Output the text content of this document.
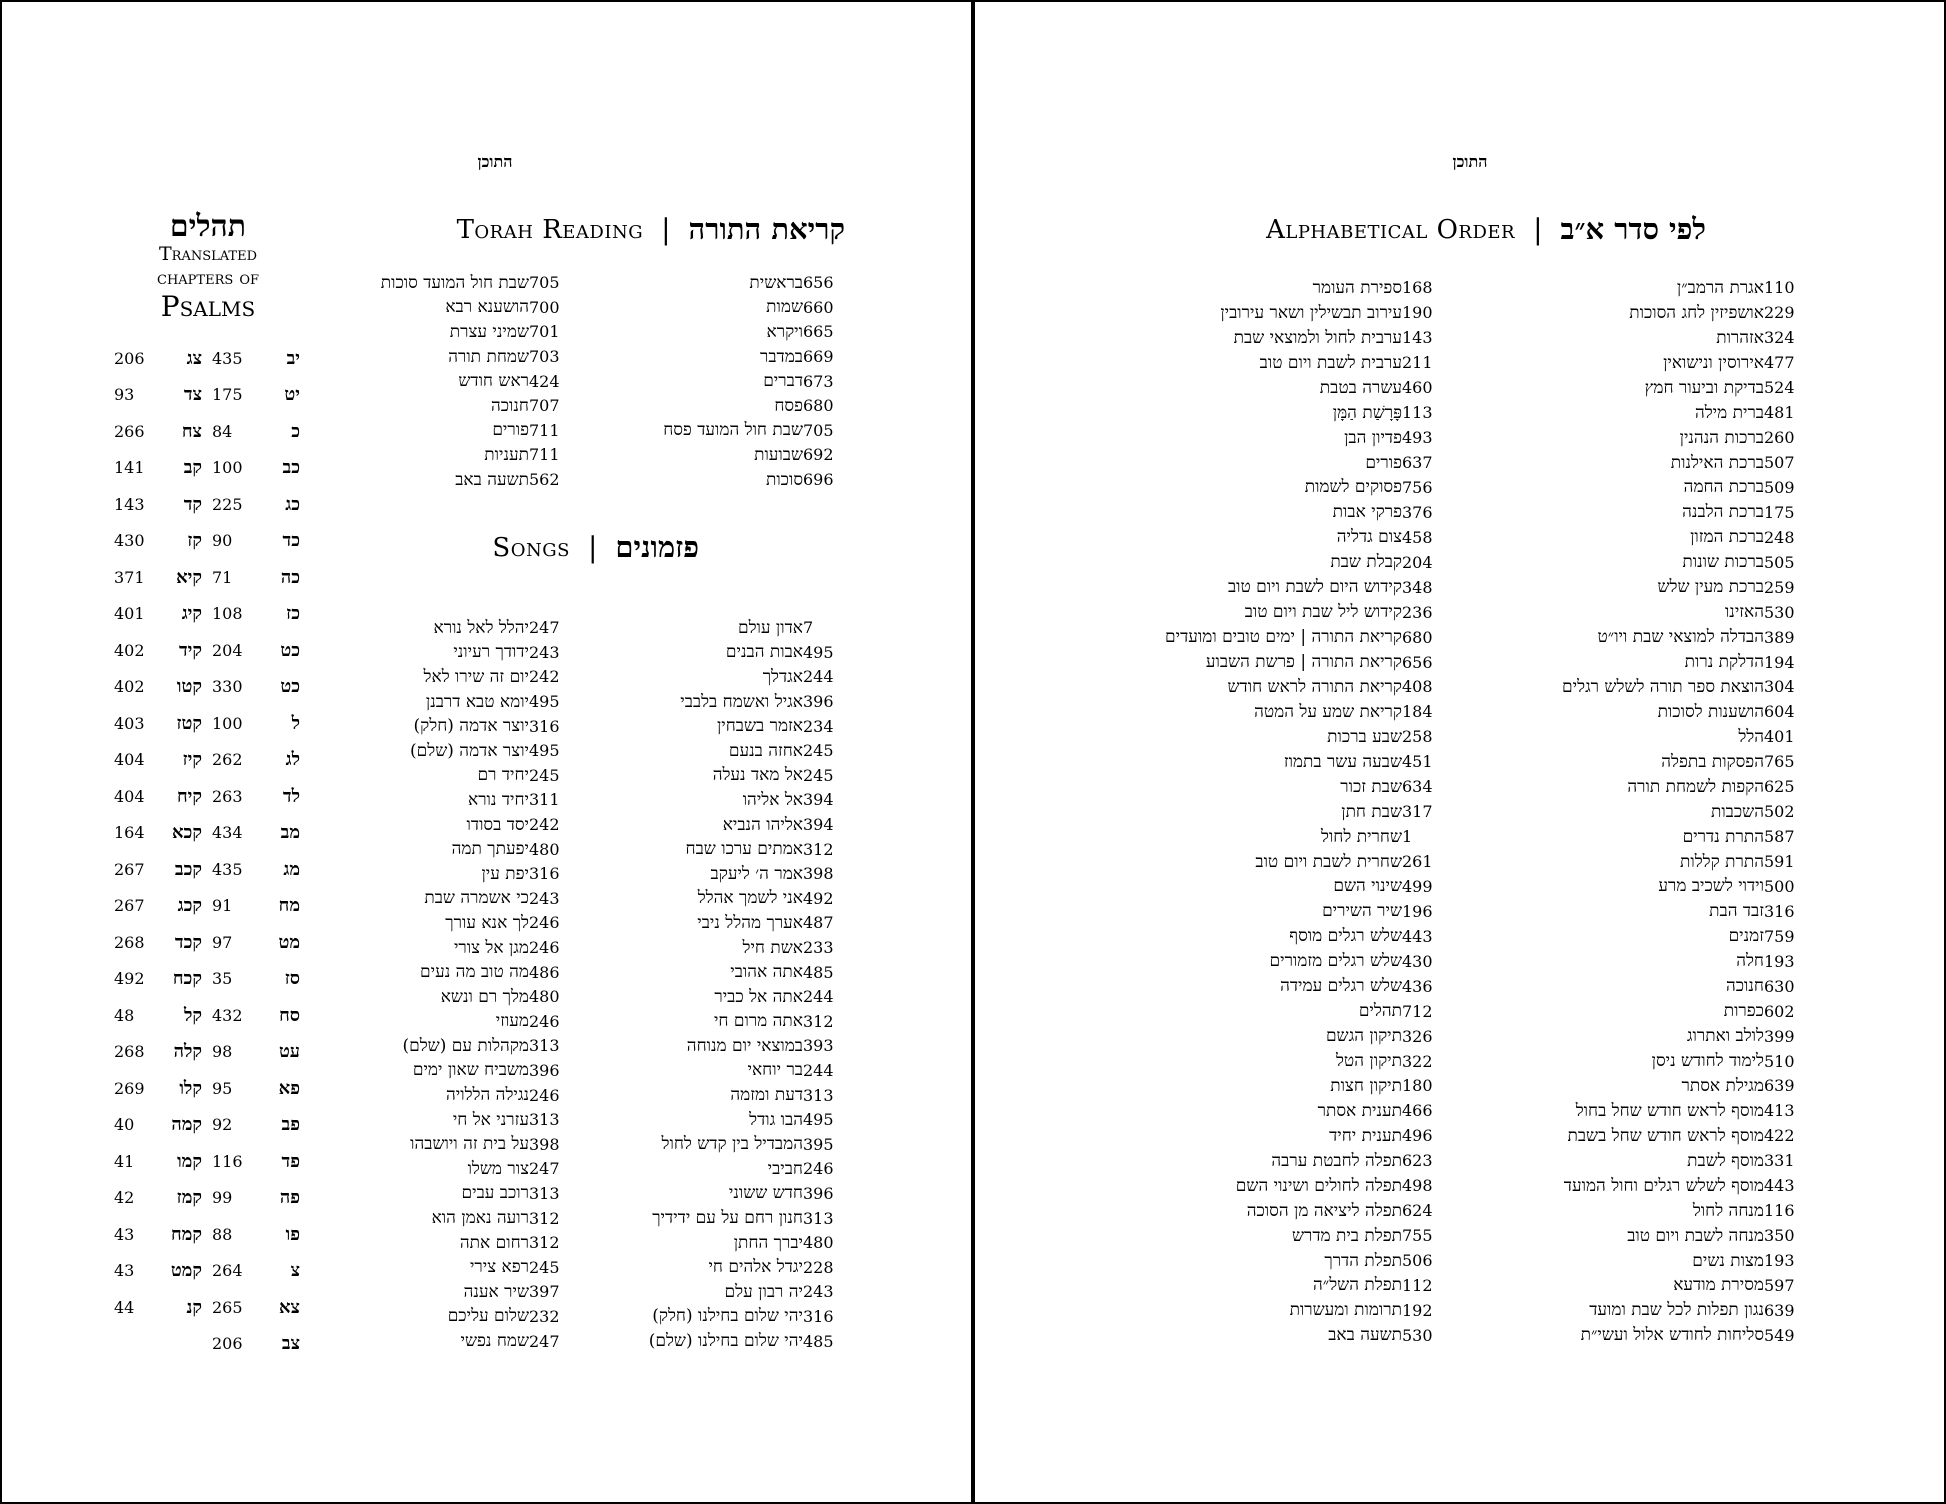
התוכן
תהלים
Translated
chapters of
Psalms
יב
435
יט
175
כ
84
כב
100
כג
225
כד
90
כה
71
כז
108
כט
204
כט
330
ל
100
לג
262
לד
263
מב
434
מג
435
מח
91
מט
97
סז
35
סח
432
עט
98
פא
95
פב
92
פד
116
פה
99
פו
88
צ
264
צא
265
צב
206
צג
206
צד
93
צח
266
קב
141
קד
143
קז
430
קיא
371
קיג
401
קיד
402
קטו
402
קטז
403
קיז
404
קיח
404
קכא
164
קכב
267
קכג
267
קכד
268
קכח
492
קל
48
קלה
268
קלו
269
קמה
40
קמו
41
קמז
42
קמח
43
קמט
43
קנ
44
Torah Reading | קריאת התורה
656
בראשית
660
שמות
665
ויקרא
669
במדבר
673
דברים
680
פסח
705
שבת חול המועד פסח
692
שבועות
696
סוכות
705
שבת חול המועד סוכות
700
הושענא רבא
701
שמיני עצרת
703
שמחת תורה
424
ראש חודש
707
חנוכה
711
פורים
711
תעניות
562
תשעה באב
Songs | פזמונים
7
אדון עולם
495
אבות הבנים
244
אגדלך
396
אגיל ואשמח בלבבי
234
אזמר בשבחין
245
אחזה בנעם
245
אל מאד נעלה
394
אל אליהו
394
אליהו הנביא
312
אמתים ערכו שבח
398
אמר ה׳ ליעקב
492
אני לשמך אהלל
487
אערך מהלל ניבי
233
אשת חיל
485
אתה אהובי
244
אתה אל כביר
312
אתה מרום חי
393
במוצאי יום מנוחה
244
בר יוחאי
313
דעת ומזמה
495
הבו גודל
395
המבדיל בין קדש לחול
246
חביבי
396
חדש ששוני
313
חנון רחם על עם ידידיך
480
יברך החתן
228
יגדל אלהים חי
243
יה רבון עלם
316
יהי שלום בחילנו (חלק)
485
יהי שלום בחילנו (שלם)
247
יהלל לאל נורא
243
ידודך רעיוני
242
יום זה שירו לאל
495
יומא טבא דרבנן
316
יוצר אדמה (חלק)
495
יוצר אדמה (שלם)
245
יחיד רם
311
יחיד נורא
242
יסד בסודו
480
יפעתך תמה
316
יפת עין
243
כי אשמרה שבת
246
לך אנא עורך
246
מגן אל צורי
486
מה טוב מה נעים
480
מלך רם ונשא
246
מעוזי
313
מקהלות עם (שלם)
396
משביח שאון ימים
246
נגילה הללויה
313
עזרני אל חי
398
על בית זה ויושבהו
247
צור משלו
313
רוכב עבים
312
רועה נאמן הוא
312
רחום אתה
245
רפא צירי
397
שיר אענה
232
שלום עליכם
247
שמח נפשי
התוכן
Alphabetical Order | לפי סדר א״ב
110
אגרת הרמב״ן
229
אושפיזין לחג הסוכות
324
אזהרות
477
אירוסין ונישואין
524
בדיקת וביעור חמץ
481
ברית מילה
260
ברכות הנהנין
507
ברכת האילנות
509
ברכת החמה
175
ברכת הלבנה
248
ברכת המזון
505
ברכות שונות
259
ברכת מעין שלש
530
האזינו
389
הבדלה למוצאי שבת ויו״ט
194
הדלקת נרות
304
הוצאת ספר תורה לשלש רגלים
604
הושענות לסוכות
401
הלל
765
הפסקות בתפלה
625
הקפות לשמחת תורה
502
השכבות
587
התרת נדרים
591
התרת קללות
500
וידוי לשכיב מרע
316
זבד הבת
759
זמנים
193
חלה
630
חנוכה
602
כפרות
399
לולב ואתרוג
510
לימוד לחודש ניסן
639
מגילת אסתר
413
מוסף לראש חודש שחל בחול
422
מוסף לראש חודש שחל בשבת
331
מוסף לשבת
443
מוסף לשלש רגלים וחול המועד
116
מנחה לחול
350
מנחה לשבת ויום טוב
193
מצות נשים
597
מסירת מודעא
639
נגון תפלות לכל שבת ומועד
549
סליחות לחודש אלול ועשי״ת
168
ספירת העומר
190
עירוב תבשילין ושאר עירובין
143
ערבית לחול ולמוצאי שבת
211
ערבית לשבת ויום טוב
460
עשרה בטבת
113
פָּרָשַׁת הַמָּן
493
פדיון הבן
637
פורים
756
פסוקים לשמות
376
פרקי אבות
458
צום גדליה
204
קבלת שבת
348
קידוש היום לשבת ויום טוב
236
קידוש ליל שבת ויום טוב
680
קריאת התורה | ימים טובים ומועדים
656
קריאת התורה | פרשת השבוע
408
קריאת התורה לראש חודש
184
קריאת שמע על המטה
258
שבע ברכות
451
שבעה עשר בתמוז
634
שבת זכור
317
שבת חתן
1
שחרית לחול
261
שחרית לשבת ויום טוב
499
שינוי השם
196
שיר השירים
443
שלש רגלים מוסף
430
שלש רגלים מזמורים
436
שלש רגלים עמידה
712
תהלים
326
תיקון הגשם
322
תיקון הטל
180
תיקון חצות
466
תענית אסתר
496
תענית יחיד
623
תפלה לחבטת ערבה
498
תפלה לחולים ושינוי השם
624
תפלה ליציאה מן הסוכה
755
תפלת בית מדרש
506
תפלת הדרך
112
תפלת השל״ה
192
תרומות ומעשרות
530
תשעה באב
